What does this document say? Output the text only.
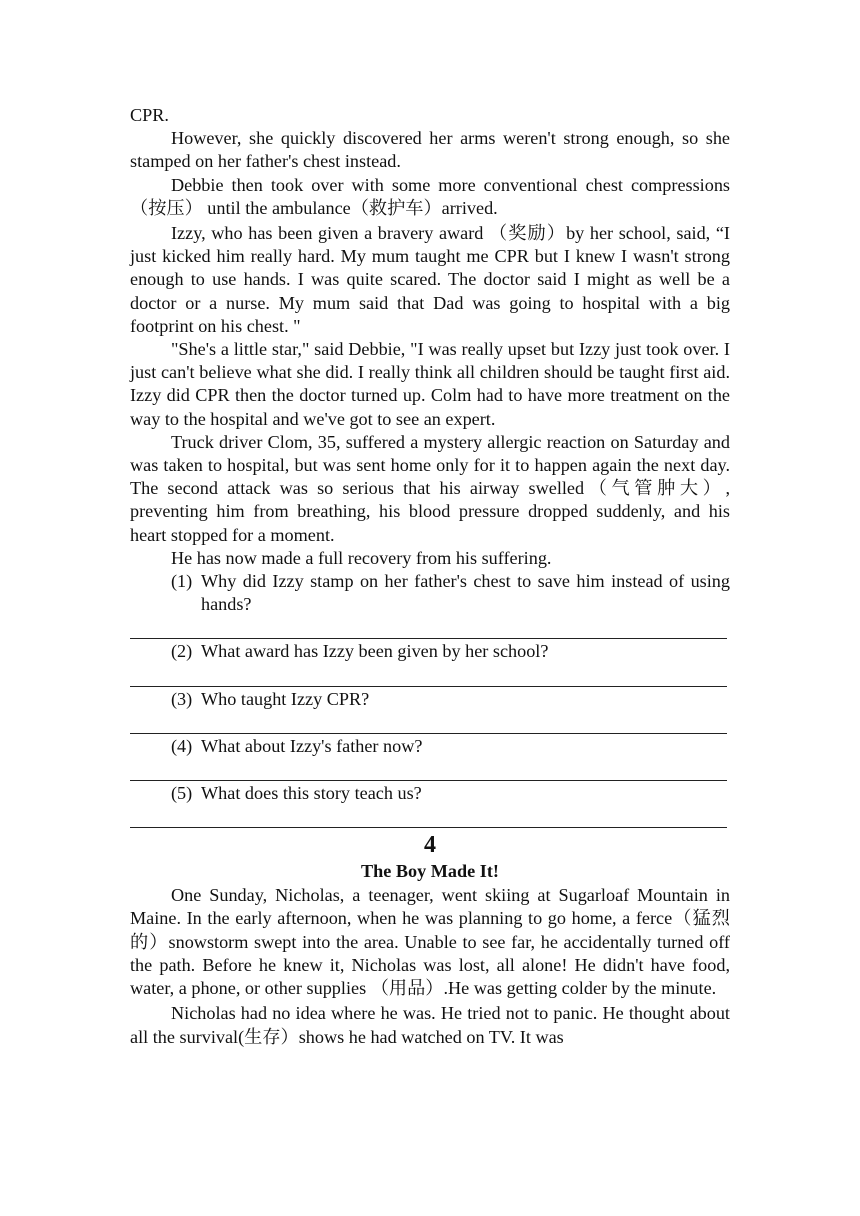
CPR.

However, she quickly discovered her arms weren't strong enough, so she stamped on her father's chest instead.

Debbie then took over with some more conventional chest compressions（按压） until the ambulance（救护车）arrived.

Izzy, who has been given a bravery award （奖励）by her school, said, “I just kicked him really hard. My mum taught me CPR but I knew I wasn't strong enough to use hands. I was quite scared. The doctor said I might as well be a doctor or a nurse. My mum said that Dad was going to hospital with a big footprint on his chest. "

"She's a little star," said Debbie, "I was really upset but Izzy just took over. I just can't believe what she did. I really think all children should be taught first aid. Izzy did CPR then the doctor turned up. Colm had to have more treatment on the way to the hospital and we've got to see an expert.

Truck driver Clom, 35, suffered a mystery allergic reaction on Saturday and was taken to hospital, but was sent home only for it to happen again the next day. The second attack was so serious that his airway swelled（气管肿大）, preventing him from breathing, his blood pressure dropped suddenly, and his heart stopped for a moment.

He has now made a full recovery from his suffering.

(1) Why did Izzy stamp on her father's chest to save him instead of using hands?
(2) What award has Izzy been given by her school?
(3) Who taught Izzy CPR?
(4) What about Izzy's father now?
(5) What does this story teach us?
4
The Boy Made It!

One Sunday, Nicholas, a teenager, went skiing at Sugarloaf Mountain in Maine. In the early afternoon, when he was planning to go home, a ferce（猛烈的）snowstorm swept into the area. Unable to see far, he accidentally turned off the path. Before he knew it, Nicholas was lost, all alone! He didn't have food, water, a phone, or other supplies （用品）.He was getting colder by the minute.

Nicholas had no idea where he was. He tried not to panic. He thought about all the survival(生存）shows he had watched on TV. It was
